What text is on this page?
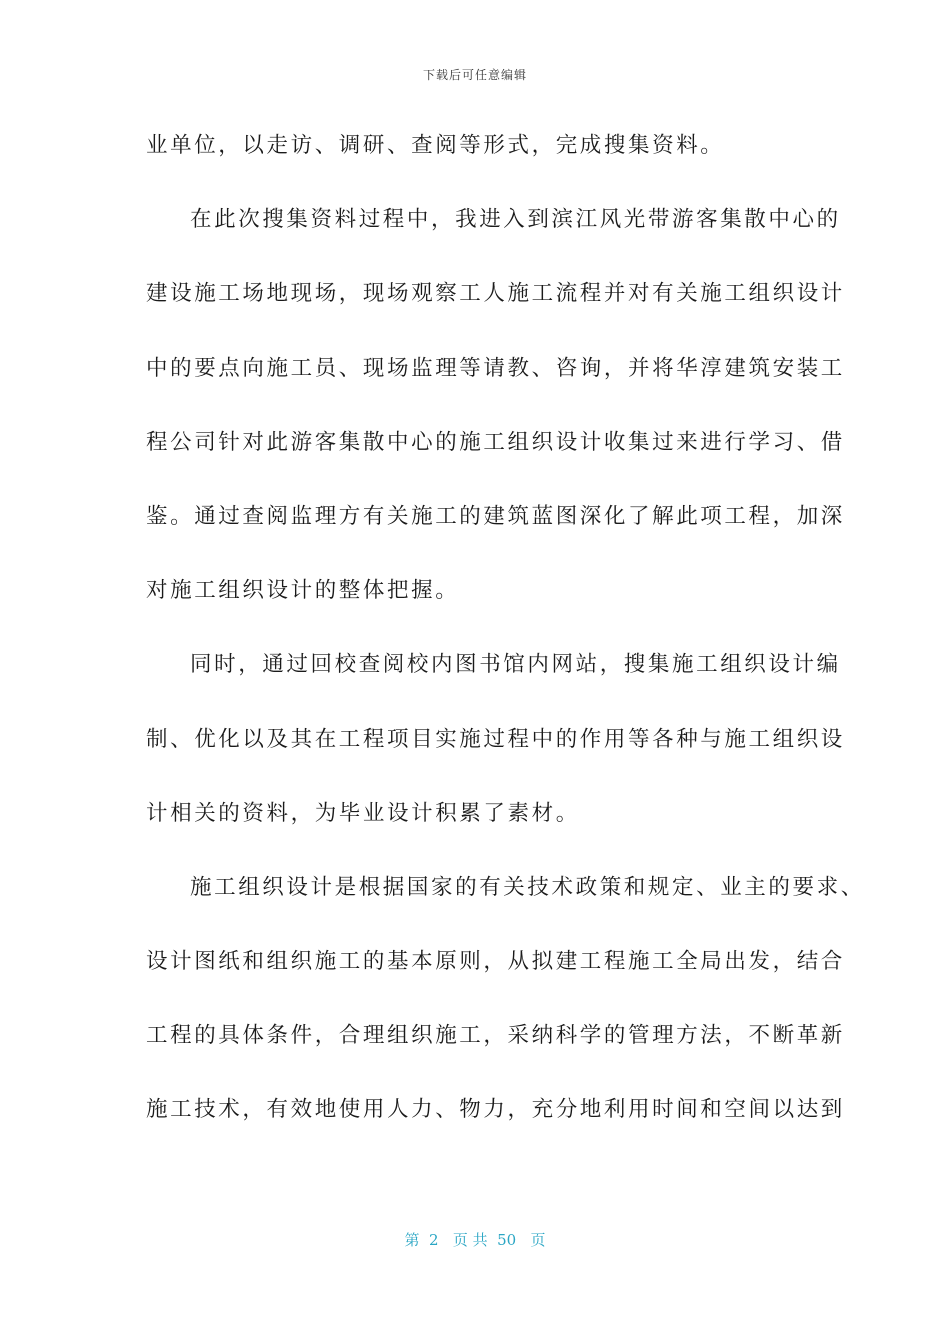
下载后可任意编辑
业单位，以走访、调研、查阅等形式，完成搜集资料。
在此次搜集资料过程中，我进入到滨江风光带游客集散中心的
建设施工场地现场，现场观察工人施工流程并对有关施工组织设计
中的要点向施工员、现场监理等请教、咨询，并将华淳建筑安装工
程公司针对此游客集散中心的施工组织设计收集过来进行学习、借
鉴。通过查阅监理方有关施工的建筑蓝图深化了解此项工程，加深
对施工组织设计的整体把握。
同时，通过回校查阅校内图书馆内网站，搜集施工组织设计编
制、优化以及其在工程项目实施过程中的作用等各种与施工组织设
计相关的资料，为毕业设计积累了素材。
施工组织设计是根据国家的有关技术政策和规定、业主的要求、
设计图纸和组织施工的基本原则，从拟建工程施工全局出发，结合
工程的具体条件，合理组织施工，采纳科学的管理方法，不断革新
施工技术，有效地使用人力、物力，充分地利用时间和空间以达到
第  2   页 共  50   页
